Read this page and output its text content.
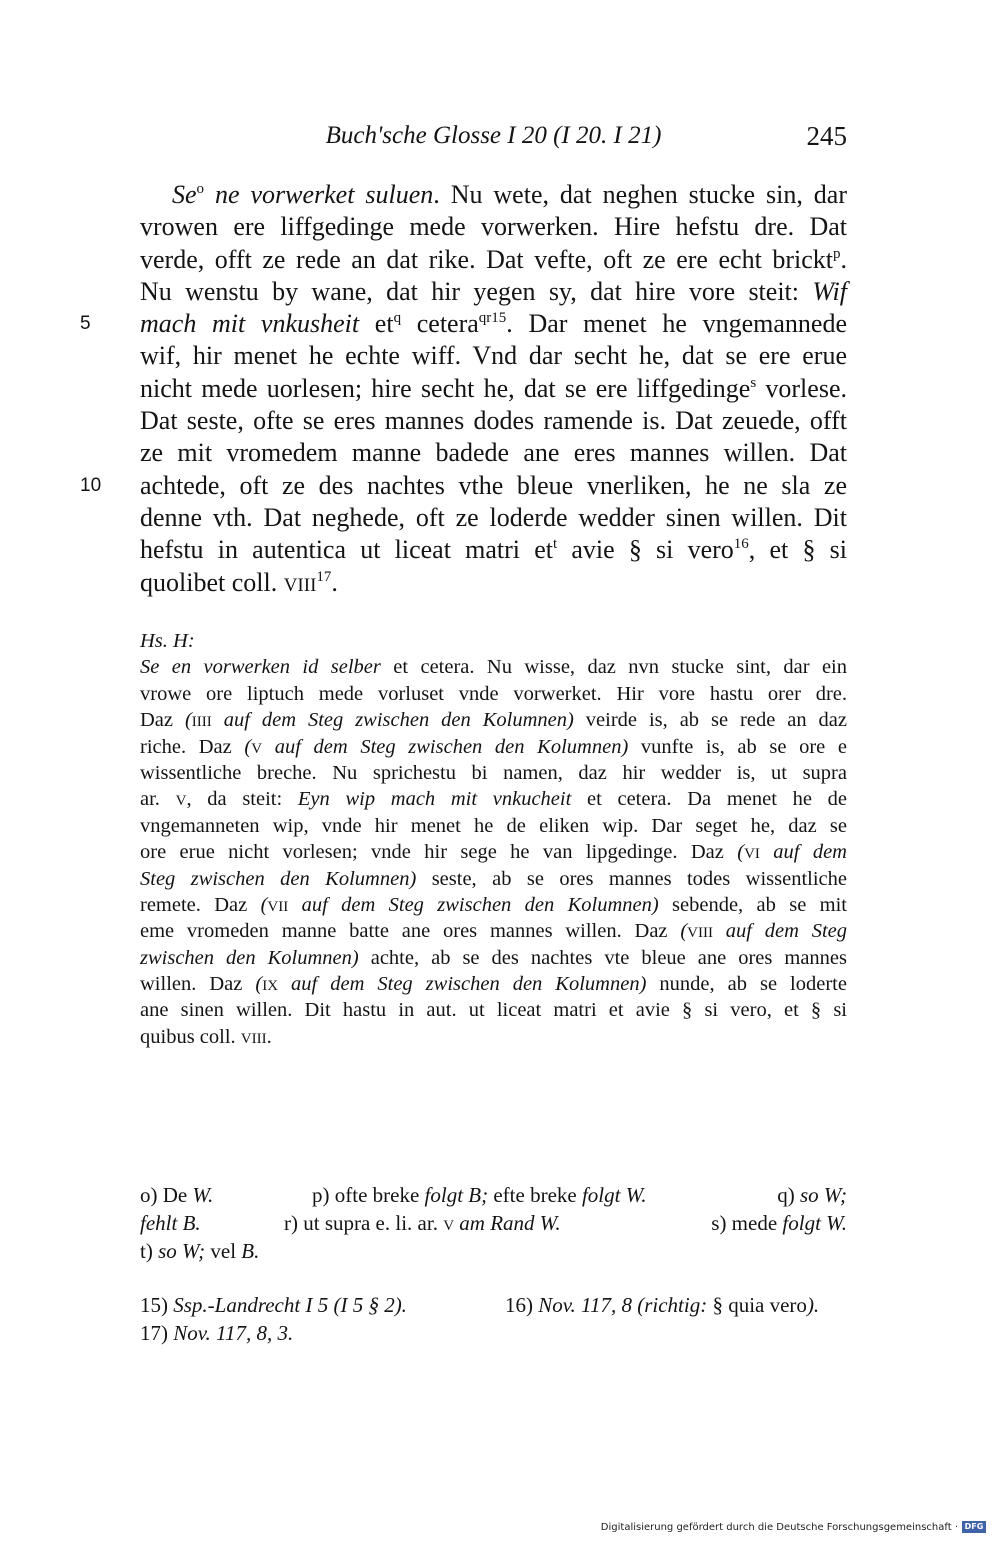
Buch'sche Glosse I 20 (I 20. I 21)	245
Se$^o$ ne vorwerket suluen. Nu wete, dat neghen stucke sin, dar
vrowen ere liffgedinge mede vorwerken. Hire hefstu dre. Dat
verde, offt ze rede an dat rike. Dat vefte, oft ze ere echt brickt$^p$.
Nu wenstu by wane, dat hir yegen sy, dat hire vore steit: Wif
5 mach mit vnkusheit $et^q$ cetera$^{qr15}$. Dar menet he vngemannede
wif, hir menet he echte wiff. Vnd dar secht he, dat se ere erue
nicht mede uorlesen; hire secht he, dat se ere liffgedinge$^s$ vorlese.
Dat seste, ofte se eres mannes dodes ramende is. Dat zeuede, offt
ze mit vromedem manne badede ane eres mannes willen. Dat
10 achtede, oft ze des nachtes vthe bleue vnerliken, he ne sla ze
denne vth. Dat neghede, oft ze loderde wedder sinen willen. Dit
hefstu in autentica ut liceat matri $et^t$ avie § si vero$^{16}$, et § si
quolibet coll. VIII$^{17}$.
Hs. H:
Se en vorwerken id selber et cetera. Nu wisse, daz nvn stucke sint, dar ein
vrowe ore liptuch mede vorluset vnde vorwerket. Hir vore hastu orer dre.
Daz (IIII auf dem Steg zwischen den Kolumnen) veirde is, ab se rede an daz
riche. Daz (V auf dem Steg zwischen den Kolumnen) vunfte is, ab se ore e
wissentliche breche. Nu sprichestu bi namen, daz hir wedder is, ut supra
ar. V, da steit: Eyn wip mach mit vnkucheit et cetera. Da menet he de
vngemanneten wip, vnde hir menet he de eliken wip. Dar seget he, daz se
ore erue nicht vorlesen; vnde hir sege he van lipgedinge. Daz (VI auf dem
Steg zwischen den Kolumnen) seste, ab se ores mannes todes wissentliche
remete. Daz (VII auf dem Steg zwischen den Kolumnen) sebende, ab se mit
eme vromeden manne batte ane ores mannes willen. Daz (VIII auf dem Steg
zwischen den Kolumnen) achte, ab se des nachtes vte bleue ane ores mannes
willen. Daz (IX auf dem Steg zwischen den Kolumnen) nunde, ab se loderte
ane sinen willen. Dit hastu in aut. ut liceat matri et avie § si vero, et § si
quibus coll. VIII.
o) De W.	p) ofte breke folgt B; efte breke folgt W.	q) so W;
fehlt B.	r) ut supra e. li. ar. V am Rand W.	s) mede folgt W.
t) so W; vel B.
15) Ssp.-Landrecht I 5 (I 5 § 2).	16) Nov. 117, 8 (richtig: § quia vero).
17) Nov. 117, 8, 3.
Digitalisierung gefördert durch die Deutsche Forschungsgemeinschaft · DFG
